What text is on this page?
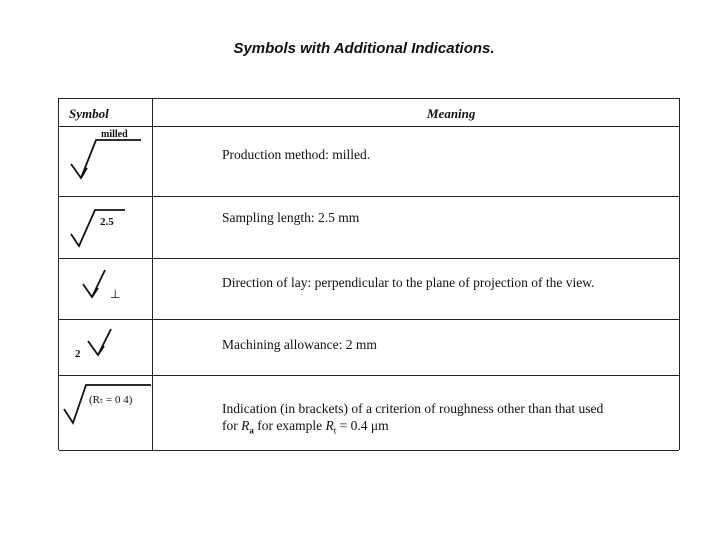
Symbols with Additional Indications.
Symbol	Meaning
milled
Production method: milled.
2.5	Sampling length: 2.5 mm
⊥
Direction of lay: perpendicular to the plane of projection of the view.
2
Machining allowance: 2 mm
(Rₜ = 0 4)
Indication (in brackets) of a criterion of roughness other than that used
for $R_a$ for example $R_t = 0.4$ μm
